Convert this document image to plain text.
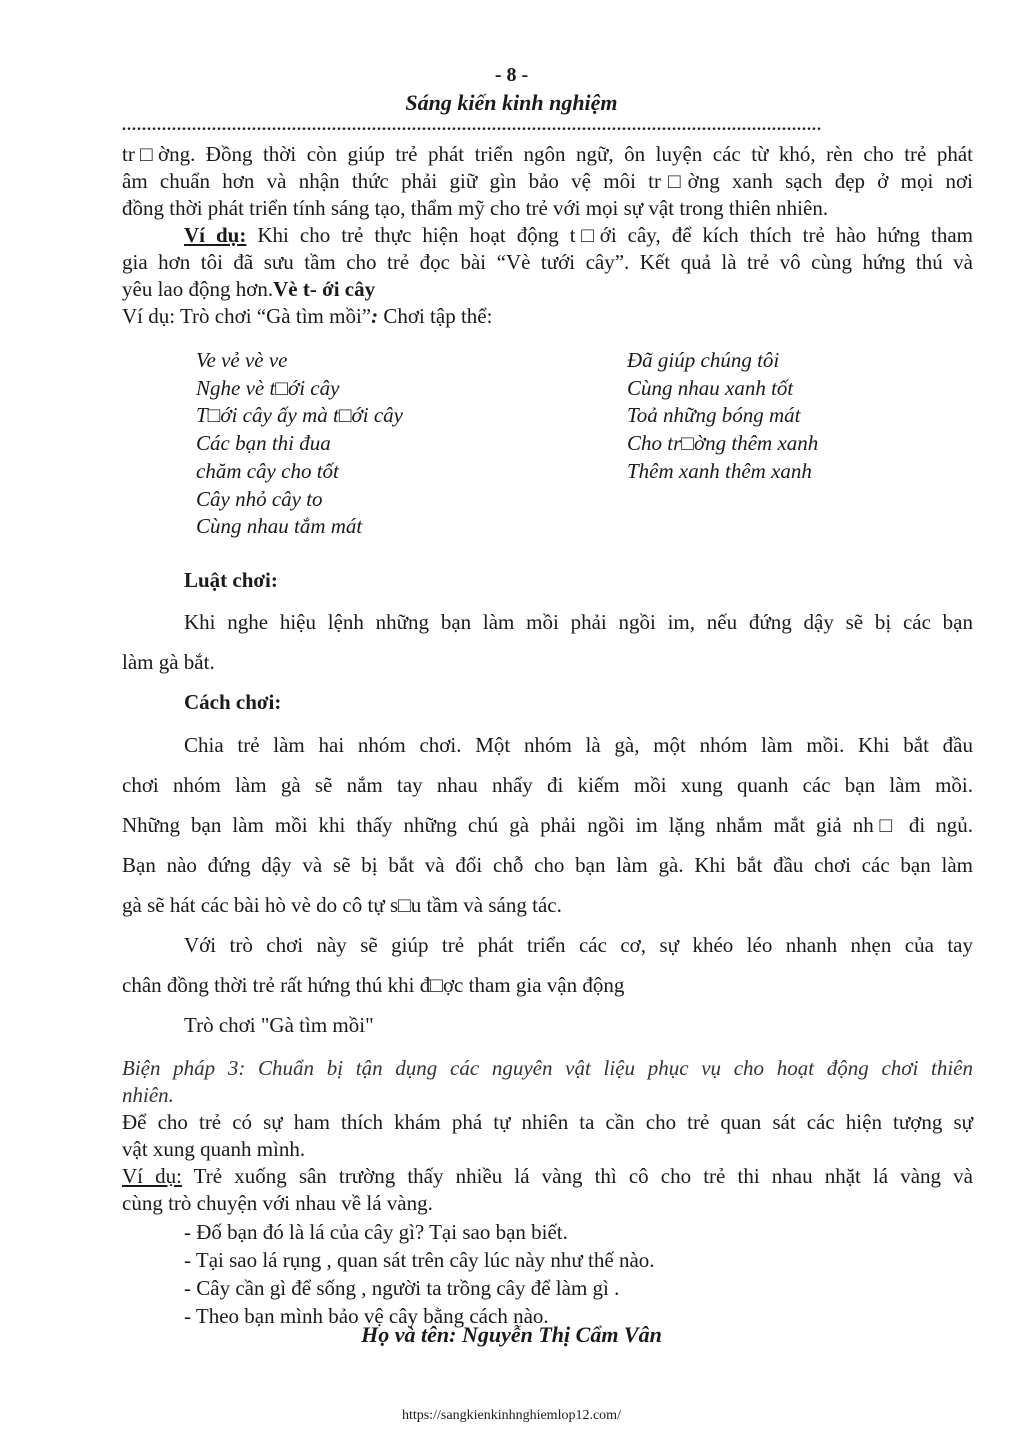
- 8 -
Sáng kiến kinh nghiệm
............................................................................................................................................
tr□ờng. Đồng thời còn giúp trẻ phát triển ngôn ngữ, ôn luyện các từ khó, rèn cho trẻ phát
âm chuẩn hơn và nhận thức phải giữ gìn bảo vệ môi tr□ờng xanh sạch đẹp ở mọi nơi
đồng thời phát triển tính sáng tạo, thẩm mỹ cho trẻ với mọi sự vật trong thiên nhiên.
Ví dụ: Khi cho trẻ thực hiện hoạt động t□ới cây, để kích thích trẻ hào hứng tham
gia hơn tôi đã sưu tầm cho trẻ đọc bài “Vè tưới cây”. Kết quả là trẻ vô cùng hứng thú và
yêu lao động hơn.Vè t- ới cây
Ví dụ: Trò chơi “Gà tìm mồi”: Chơi tập thể:
Ve vẻ vè ve
Nghe vè t□ới cây
T□ới cây ấy mà t□ới cây
Các bạn thi đua
chăm cây cho tốt
Cây nhỏ cây to
Cùng nhau tắm mát
Đã giúp chúng tôi
Cùng nhau xanh tốt
Toả những bóng mát
Cho tr□ờng thêm xanh
Thêm xanh thêm xanh
Luật chơi:
Khi nghe hiệu lệnh những bạn làm mồi phải ngồi im, nếu đứng dậy sẽ bị các bạn
làm gà bắt.
Cách chơi:
Chia trẻ làm hai nhóm chơi. Một nhóm là gà, một nhóm làm mồi. Khi bắt đầu
chơi nhóm làm gà sẽ nắm tay nhau nhẩy đi kiếm mồi xung quanh các bạn làm mồi.
Những bạn làm mồi khi thấy những chú gà phải ngồi im lặng nhắm mắt giả nh□ đi ngủ.
Bạn nào đứng dậy và sẽ bị bắt và đổi chỗ cho bạn làm gà. Khi bắt đầu chơi các bạn làm
gà sẽ hát các bài hò vè do cô tự s□u tầm và sáng tác.
Với trò chơi này sẽ giúp trẻ phát triển các cơ, sự khéo léo nhanh nhẹn của tay
chân đồng thời trẻ rất hứng thú khi đ□ợc tham gia vận động
Trò chơi "Gà tìm mồi"
Biện pháp 3: Chuẩn bị tận dụng các nguyên vật liệu phục vụ cho hoạt động chơi thiên
nhiên.
Để cho trẻ có sự ham thích khám phá tự nhiên ta cần cho trẻ quan sát các hiện tượng sự
vật xung quanh mình.
Ví dụ: Trẻ xuống sân trường thấy nhiều lá vàng thì cô cho trẻ thi nhau nhặt lá vàng và
cùng trò chuyện với nhau về lá vàng.
- Đố bạn đó là lá của cây gì? Tại sao bạn biết.
- Tại sao lá rụng , quan sát trên cây lúc này như thế nào.
- Cây cần gì để sống , người ta trồng cây để làm gì .
- Theo bạn mình bảo vệ cây bằng cách nào.
Họ và tên: Nguyễn Thị Cẩm Vân
https://sangkienkinhnghiemlop12.com/
